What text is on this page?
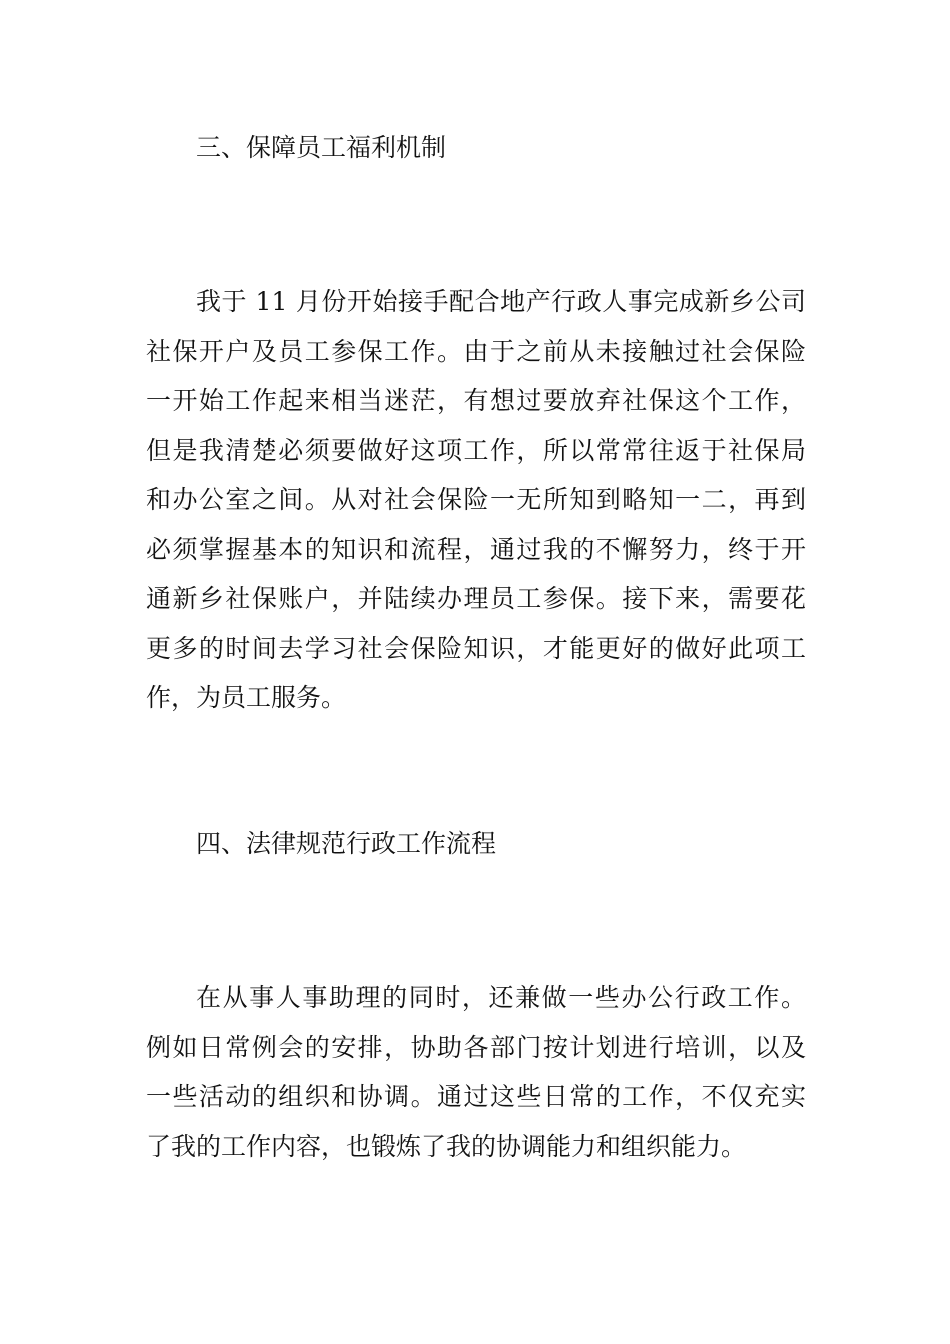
三、保障员工福利机制
我于 11 月份开始接手配合地产行政人事完成新乡公司
社保开户及员工参保工作。由于之前从未接触过社会保险
一开始工作起来相当迷茫，有想过要放弃社保这个工作，
但是我清楚必须要做好这项工作，所以常常往返于社保局
和办公室之间。从对社会保险一无所知到略知一二，再到
必须掌握基本的知识和流程，通过我的不懈努力，终于开
通新乡社保账户，并陆续办理员工参保。接下来，需要花
更多的时间去学习社会保险知识，才能更好的做好此项工
作，为员工服务。
四、法律规范行政工作流程
在从事人事助理的同时，还兼做一些办公行政工作。
例如日常例会的安排，协助各部门按计划进行培训，以及
一些活动的组织和协调。通过这些日常的工作，不仅充实
了我的工作内容，也锻炼了我的协调能力和组织能力。
